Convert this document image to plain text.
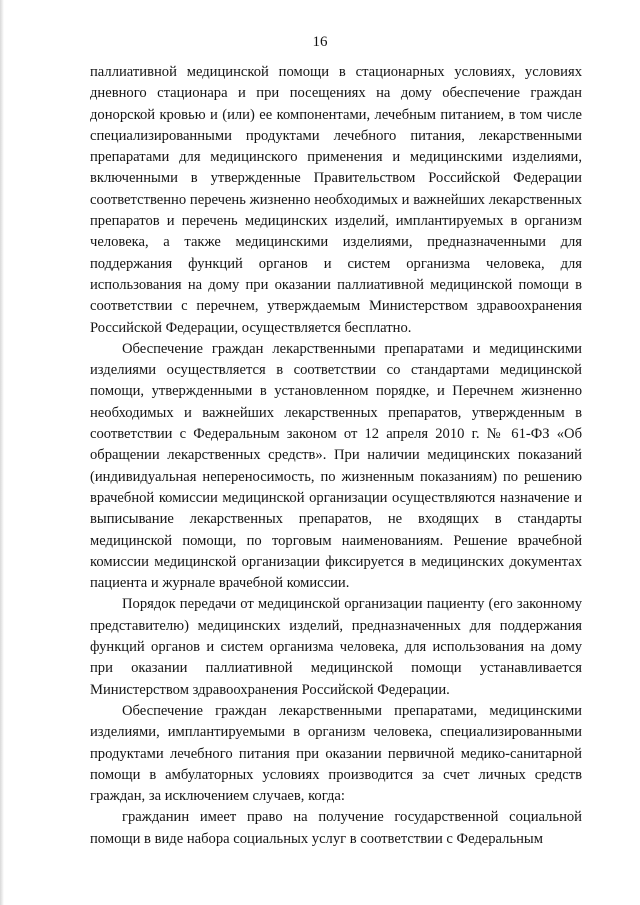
16

паллиативной медицинской помощи в стационарных условиях, условиях дневного стационара и при посещениях на дому обеспечение граждан донорской кровью и (или) ее компонентами, лечебным питанием, в том числе специализированными продуктами лечебного питания, лекарственными препаратами для медицинского применения и медицинскими изделиями, включенными в утвержденные Правительством Российской Федерации соответственно перечень жизненно необходимых и важнейших лекарственных препаратов и перечень медицинских изделий, имплантируемых в организм человека, а также медицинскими изделиями, предназначенными для поддержания функций органов и систем организма человека, для использования на дому при оказании паллиативной медицинской помощи в соответствии с перечнем, утверждаемым Министерством здравоохранения Российской Федерации, осуществляется бесплатно.

Обеспечение граждан лекарственными препаратами и медицинскими изделиями осуществляется в соответствии со стандартами медицинской помощи, утвержденными в установленном порядке, и Перечнем жизненно необходимых и важнейших лекарственных препаратов, утвержденным в соответствии с Федеральным законом от 12 апреля 2010 г. № 61-ФЗ «Об обращении лекарственных средств». При наличии медицинских показаний (индивидуальная непереносимость, по жизненным показаниям) по решению врачебной комиссии медицинской организации осуществляются назначение и выписывание лекарственных препаратов, не входящих в стандарты медицинской помощи, по торговым наименованиям. Решение врачебной комиссии медицинской организации фиксируется в медицинских документах пациента и журнале врачебной комиссии.

Порядок передачи от медицинской организации пациенту (его законному представителю) медицинских изделий, предназначенных для поддержания функций органов и систем организма человека, для использования на дому при оказании паллиативной медицинской помощи устанавливается Министерством здравоохранения Российской Федерации.

Обеспечение граждан лекарственными препаратами, медицинскими изделиями, имплантируемыми в организм человека, специализированными продуктами лечебного питания при оказании первичной медико-санитарной помощи в амбулаторных условиях производится за счет личных средств граждан, за исключением случаев, когда:

гражданин имеет право на получение государственной социальной помощи в виде набора социальных услуг в соответствии с Федеральным
